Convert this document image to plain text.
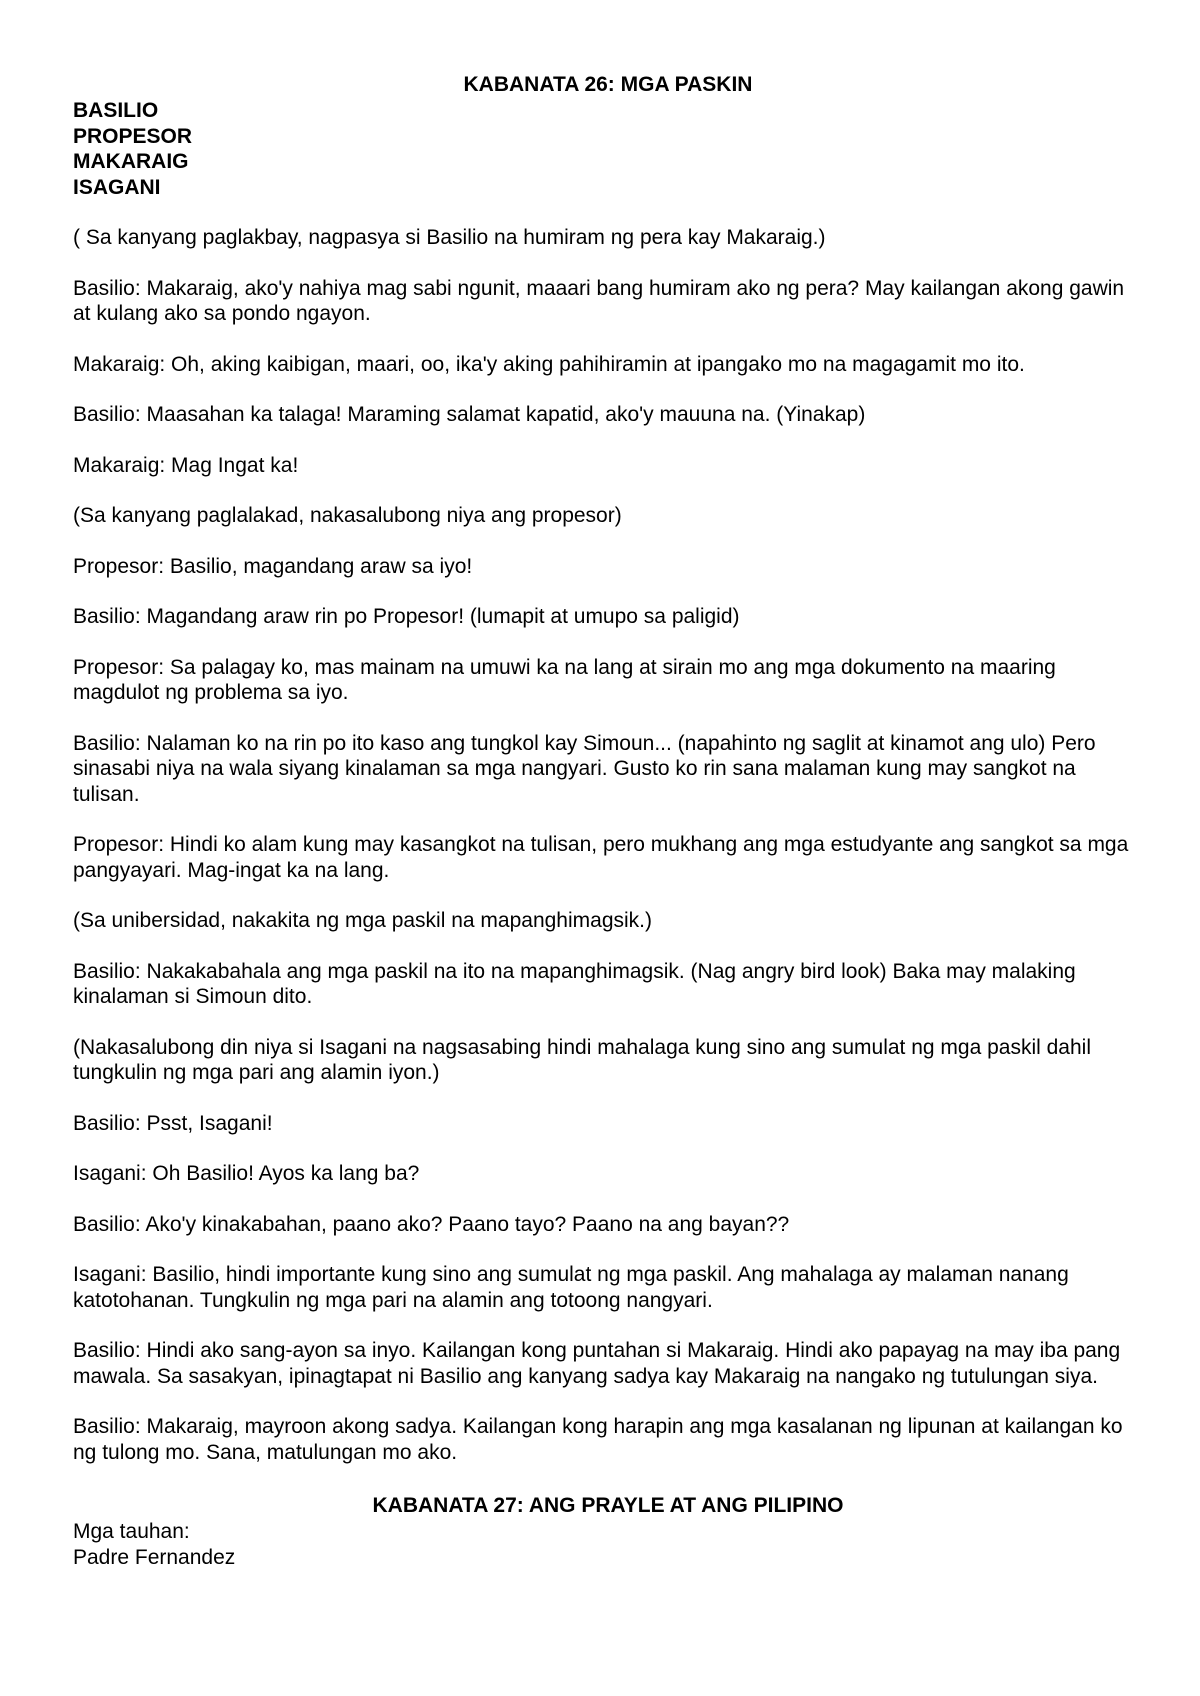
KABANATA 26: MGA PASKIN
BASILIO
PROPESOR
MAKARAIG
ISAGANI

( Sa kanyang paglakbay, nagpasya si Basilio na humiram ng pera kay Makaraig.)

Basilio: Makaraig, ako'y nahiya mag sabi ngunit, maaari bang humiram ako ng pera? May kailangan akong gawin at kulang ako sa pondo ngayon.

Makaraig: Oh, aking kaibigan, maari, oo, ika'y aking pahihiramin at ipangako mo na magagamit mo ito.

Basilio: Maasahan ka talaga! Maraming salamat kapatid, ako'y mauuna na. (Yinakap)

Makaraig: Mag Ingat ka!

(Sa kanyang paglalakad, nakasalubong niya ang propesor)

Propesor: Basilio, magandang araw sa iyo!

Basilio: Magandang araw rin po Propesor! (lumapit at umupo sa paligid)

Propesor: Sa palagay ko, mas mainam na umuwi ka na lang at sirain mo ang mga dokumento na maaring magdulot ng problema sa iyo.

Basilio: Nalaman ko na rin po ito kaso ang tungkol kay Simoun... (napahinto ng saglit at kinamot ang ulo) Pero sinasabi niya na wala siyang kinalaman sa mga nangyari. Gusto ko rin sana malaman kung may sangkot na tulisan.

Propesor: Hindi ko alam kung may kasangkot na tulisan, pero mukhang ang mga estudyante ang sangkot sa mga pangyayari. Mag-ingat ka na lang.

(Sa unibersidad, nakakita ng mga paskil na mapanghimagsik.)

Basilio: Nakakabahala ang mga paskil na ito na mapanghimagsik. (Nag angry bird look) Baka may malaking kinalaman si Simoun dito.

(Nakasalubong din niya si Isagani na nagsasabing hindi mahalaga kung sino ang sumulat ng mga paskil dahil tungkulin ng mga pari ang alamin iyon.)

Basilio: Psst, Isagani!

Isagani: Oh Basilio! Ayos ka lang ba?

Basilio: Ako'y kinakabahan, paano ako? Paano tayo? Paano na ang bayan??

Isagani: Basilio, hindi importante kung sino ang sumulat ng mga paskil. Ang mahalaga ay malaman nanang katotohanan. Tungkulin ng mga pari na alamin ang totoong nangyari.

Basilio: Hindi ako sang-ayon sa inyo. Kailangan kong puntahan si Makaraig. Hindi ako papayag na may iba pang mawala. Sa sasakyan, ipinagtapat ni Basilio ang kanyang sadya kay Makaraig na nangako ng tutulungan siya.

Basilio: Makaraig, mayroon akong sadya. Kailangan kong harapin ang mga kasalanan ng lipunan at kailangan ko ng tulong mo. Sana, matulungan mo ako.

KABANATA 27: ANG PRAYLE AT ANG PILIPINO

Mga tauhan:

Padre Fernandez
